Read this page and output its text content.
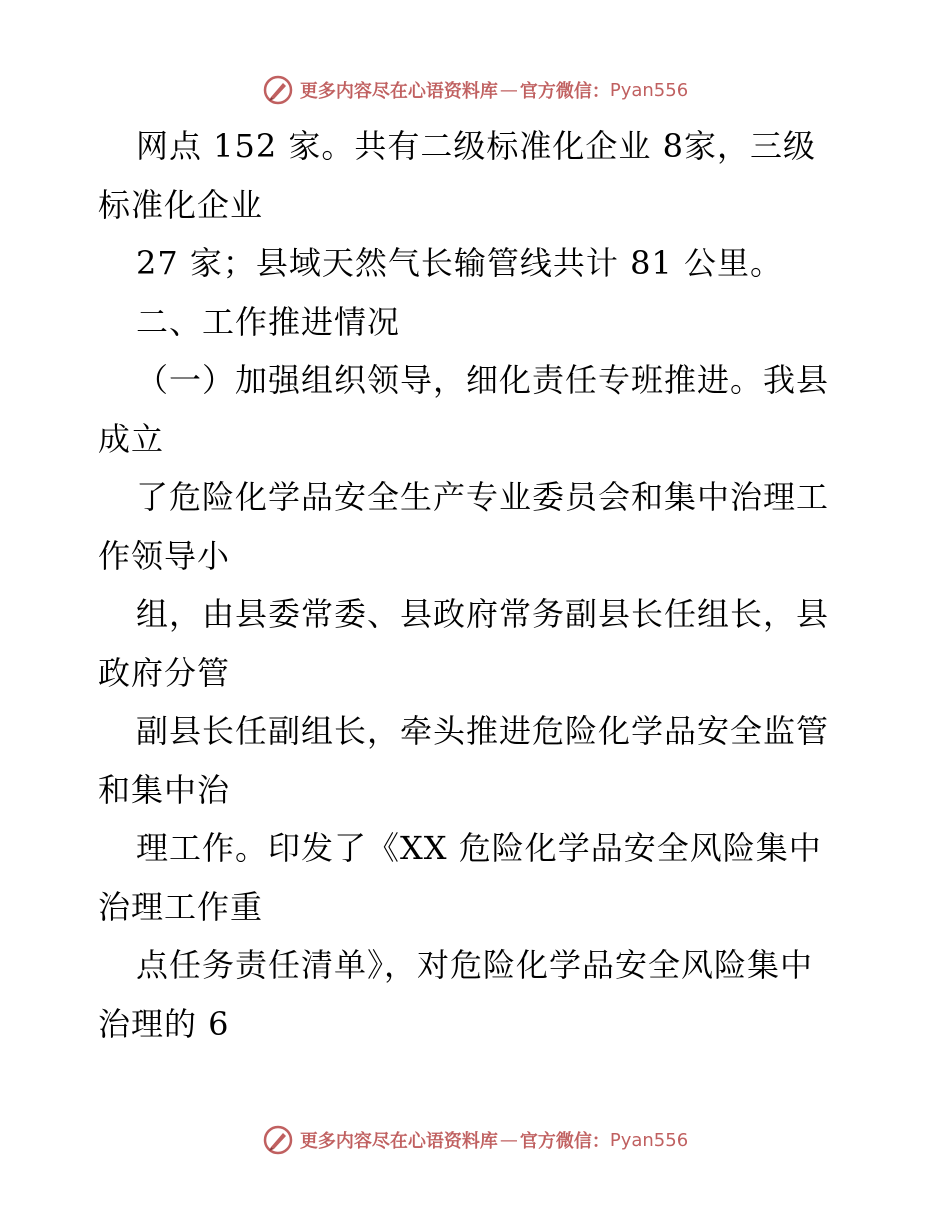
更多内容尽在心语资料库 — 官方微信： Pyan556
网点 152 家。共有二级标准化企业 8家，三级
标准化企业
27 家；县域天然气长输管线共计 81 公里。
二、工作推进情况
（一）加强组织领导，细化责任专班推进。我县
成立
了危险化学品安全生产专业委员会和集中治理工
作领导小
组，由县委常委、县政府常务副县长任组长，县
政府分管
副县长任副组长，牵头推进危险化学品安全监管
和集中治
理工作。印发了《XX 危险化学品安全风险集中
治理工作重
点任务责任清单》，对危险化学品安全风险集中
治理的 6
更多内容尽在心语资料库 — 官方微信： Pyan556
